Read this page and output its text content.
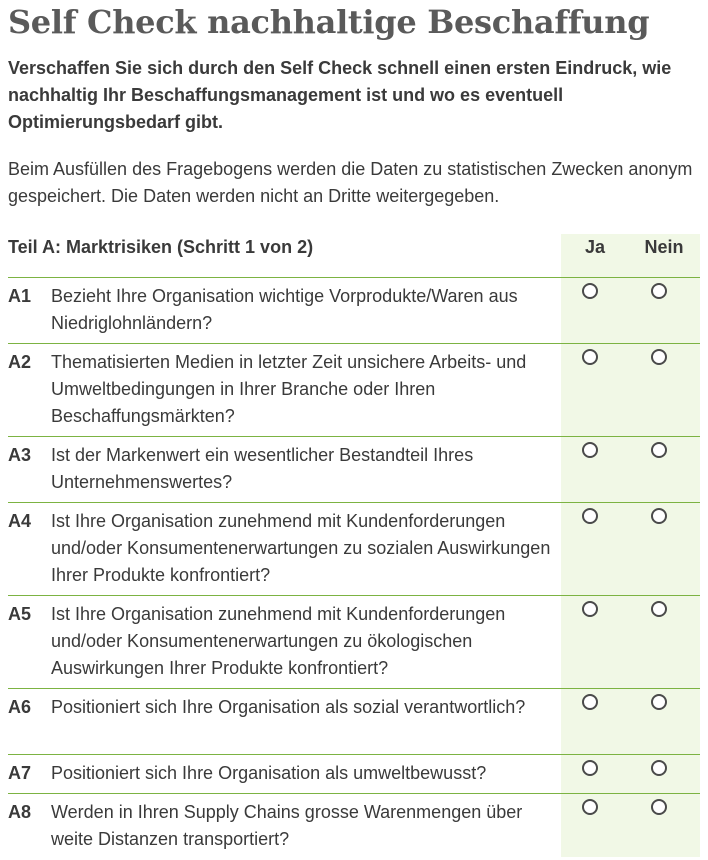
Self Check nachhaltige Beschaffung
Verschaffen Sie sich durch den Self Check schnell einen ersten Eindruck, wie nachhaltig Ihr Beschaffungsmanagement ist und wo es eventuell Optimierungsbedarf gibt.
Beim Ausfüllen des Fragebogens werden die Daten zu statistischen Zwecken anonym gespeichert. Die Daten werden nicht an Dritte weitergegeben.
Teil A: Marktrisiken (Schritt 1 von 2)	Ja	Nein
A1 Bezieht Ihre Organisation wichtige Vorprodukte/Waren aus Niedriglohnländern?
A2 Thematisierten Medien in letzter Zeit unsichere Arbeits- und Umweltbedingungen in Ihrer Branche oder Ihren Beschaffungsmärkten?
A3 Ist der Markenwert ein wesentlicher Bestandteil Ihres Unternehmenswertes?
A4 Ist Ihre Organisation zunehmend mit Kundenforderungen und/oder Konsumentenerwartungen zu sozialen Auswirkungen Ihrer Produkte konfrontiert?
A5 Ist Ihre Organisation zunehmend mit Kundenforderungen und/oder Konsumentenerwartungen zu ökologischen Auswirkungen Ihrer Produkte konfrontiert?
A6 Positioniert sich Ihre Organisation als sozial verantwortlich?
A7 Positioniert sich Ihre Organisation als umweltbewusst?
A8 Werden in Ihren Supply Chains grosse Warenmengen über weite Distanzen transportiert?
